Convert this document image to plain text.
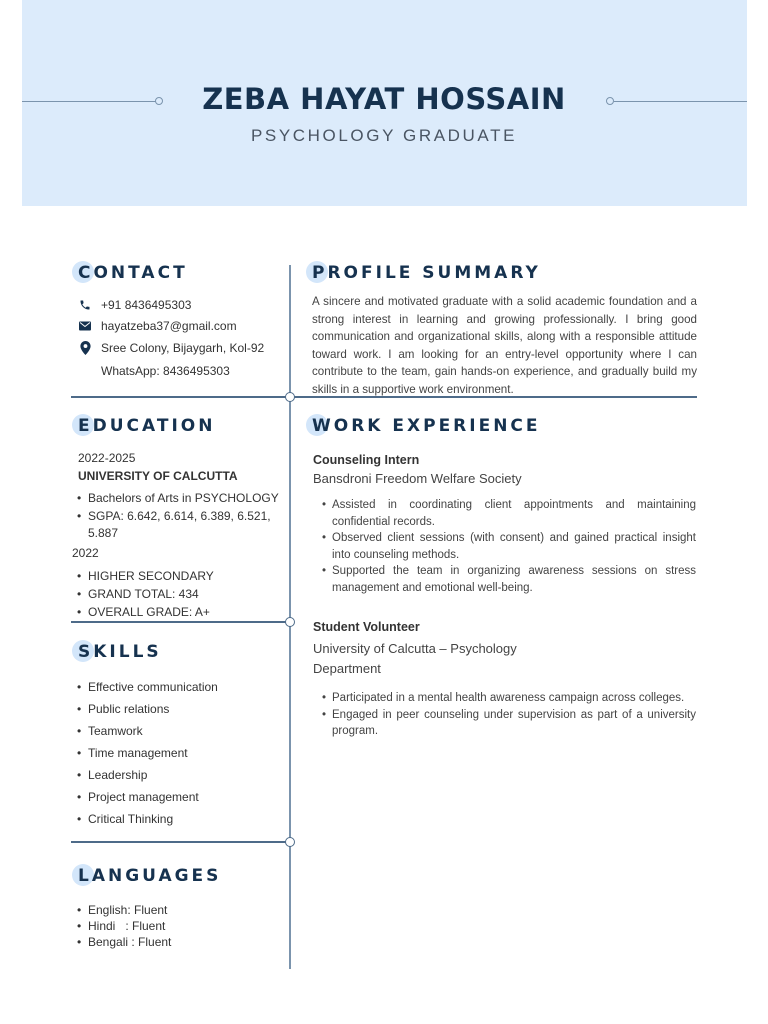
ZEBA HAYAT HOSSAIN
PSYCHOLOGY GRADUATE
CONTACT
+91 8436495303
hayatzeba37@gmail.com
Sree Colony, Bijaygarh, Kol-92
WhatsApp: 8436495303
EDUCATION
2022-2025
UNIVERSITY OF CALCUTTA
• Bachelors of Arts in PSYCHOLOGY
• SGPA: 6.642, 6.614, 6.389, 6.521,
5.887
2022
• HIGHER SECONDARY
• GRAND TOTAL: 434
• OVERALL GRADE: A+
SKILLS
• Effective communication
• Public relations
• Teamwork
• Time management
• Leadership
• Project management
• Critical Thinking
LANGUAGES
• English: Fluent
• Hindi   : Fluent
• Bengali : Fluent
PROFILE SUMMARY
A sincere and motivated graduate with a solid academic foundation and a strong interest in learning and growing professionally. I bring good communication and organizational skills, along with a responsible attitude toward work. I am looking for an entry-level opportunity where I can contribute to the team, gain hands-on experience, and gradually build my skills in a supportive work environment.
WORK EXPERIENCE
Counseling Intern
Bansdroni Freedom Welfare Society
• Assisted in coordinating client appointments and maintaining confidential records.
• Observed client sessions (with consent) and gained practical insight into counseling methods.
• Supported the team in organizing awareness sessions on stress management and emotional well-being.
Student Volunteer
University of Calcutta – Psychology
Department
• Participated in a mental health awareness campaign across colleges.
• Engaged in peer counseling under supervision as part of a university program.
